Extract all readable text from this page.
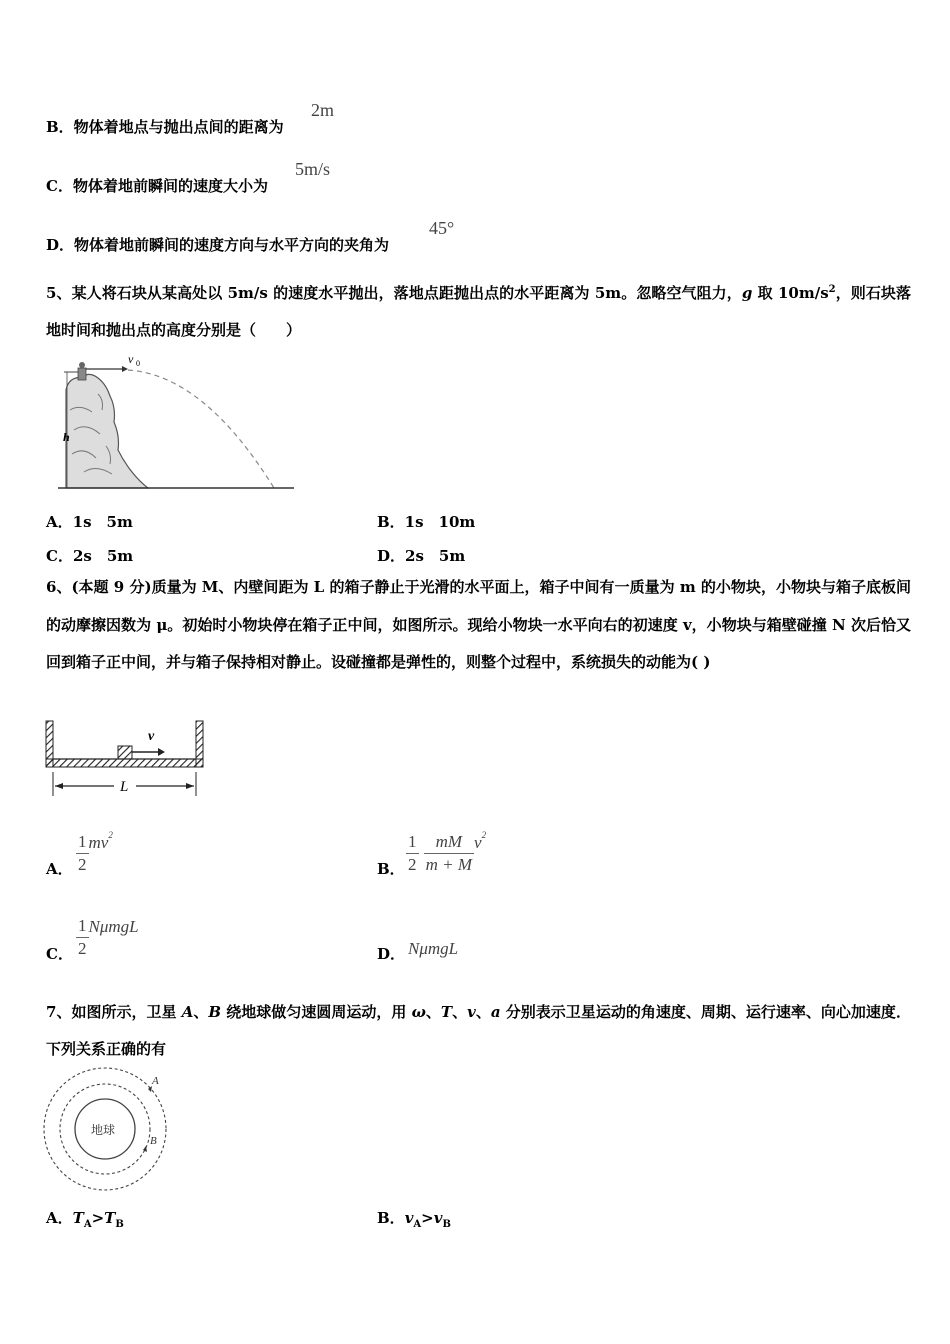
B．物体着地点与抛出点间的距离为
2m
C．物体着地前瞬间的速度大小为
5m/s
D．物体着地前瞬间的速度方向与水平方向的夹角为
45°
5、某人将石块从某高处以 5m/s 的速度水平抛出，落地点距抛出点的水平距离为 5m。忽略空气阻力，g 取 $10m/s^2$，则石块落地时间和抛出点的高度分别是（　　）
v 0
h
A．1s　5m	B．1s　10m
C．2s　5m	D．2s　5m
6、(本题 9 分)质量为 M、内壁间距为 L 的箱子静止于光滑的水平面上，箱子中间有一质量为 m 的小物块，小物块与箱子底板间的动摩擦因数为 μ。初始时小物块停在箱子正中间，如图所示。现给小物块一水平向右的初速度 v，小物块与箱壁碰撞 N 次后恰又回到箱子正中间，并与箱子保持相对静止。设碰撞都是弹性的，则整个过程中，系统损失的动能为( )
v
L
A． $\frac{1}{2} mv^2$
B． $\frac{1}{2}$
$\frac{mM}{m + M} v^2$
C． $\frac{1}{2}$ NμmgL
D． NμmgL
7、如图所示，卫星 A、B 绕地球做匀速圆周运动，用 ω、T、v、a 分别表示卫星运动的角速度、周期、运行速率、向心加速度．下列关系正确的有
地球
A
B
A．$T_A>T_B$	B．$v_A>v_B$
